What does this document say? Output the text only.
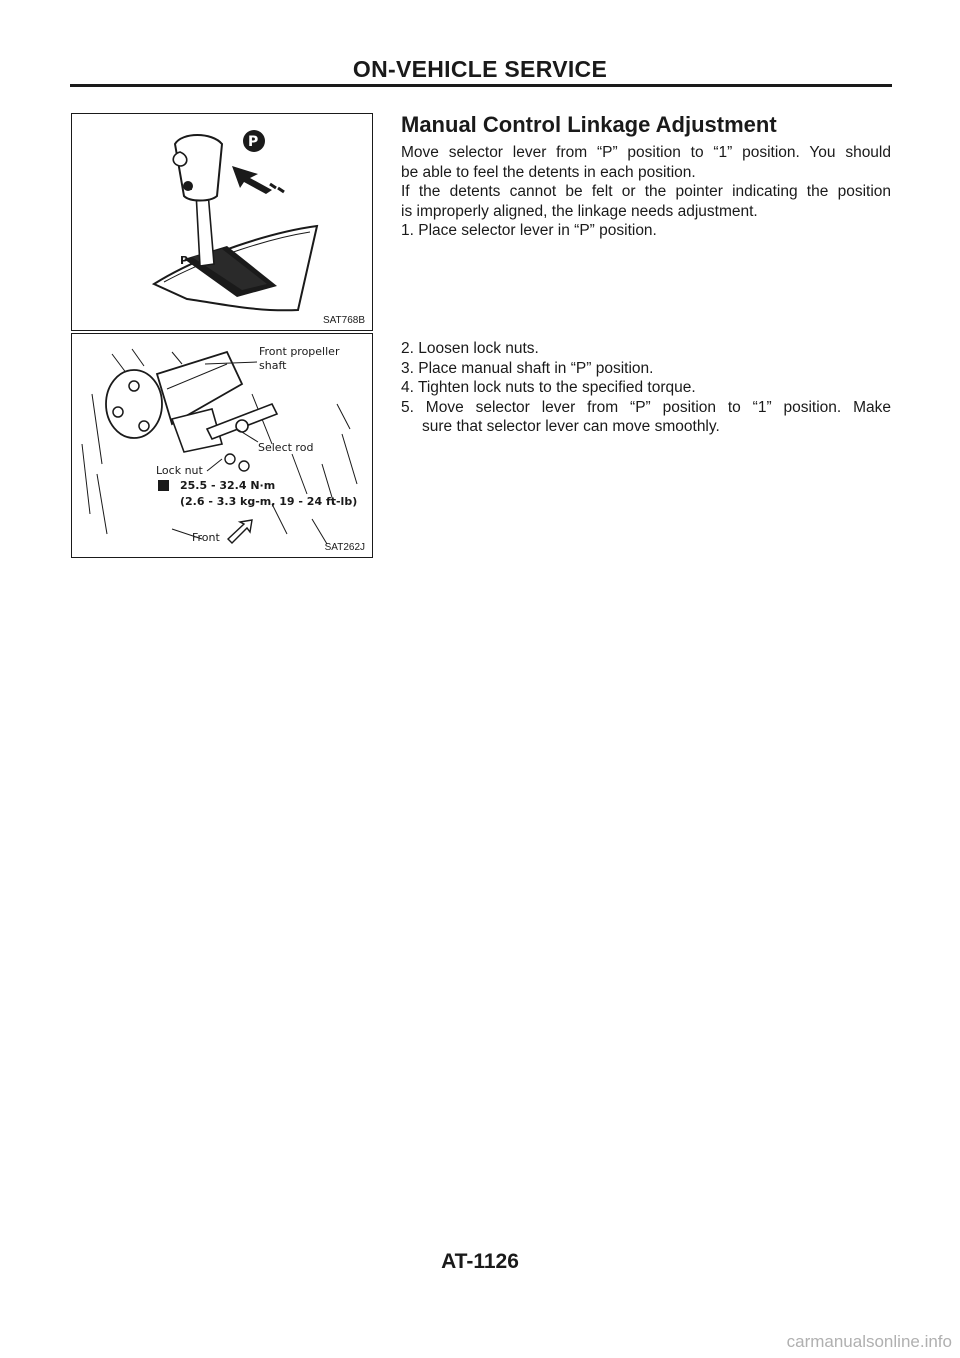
ON-VEHICLE SERVICE
1
P
P
SAT768B
Front propeller
shaft
Select rod
Lock nut
25.5 - 32.4 N·m
(2.6 - 3.3 kg-m, 19 - 24 ft-lb)
Front
SAT262J
Manual Control Linkage Adjustment

Move selector lever from “P” position to “1” position. You should

be able to feel the detents in each position.

If the detents cannot be felt or the pointer indicating the position

is improperly aligned, the linkage needs adjustment.

1. Place selector lever in “P” position.

2. Loosen lock nuts.

3. Place manual shaft in “P” position.

4. Tighten lock nuts to the specified torque.

5. Move selector lever from “P” position to “1” position. Make

sure that selector lever can move smoothly.

AT-1126
carmanualsonline.info
